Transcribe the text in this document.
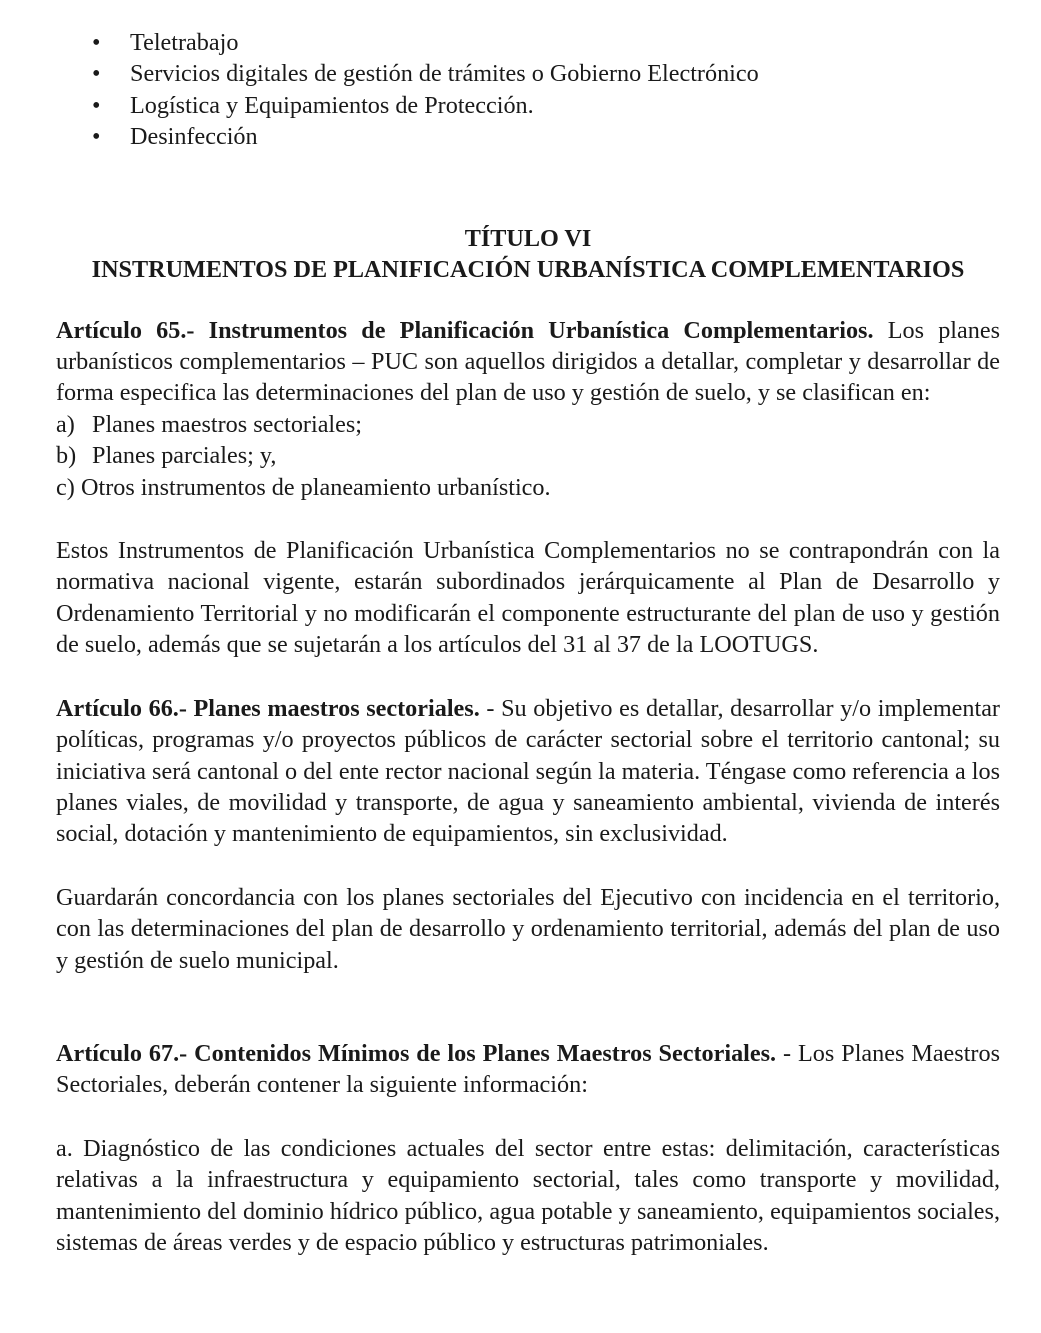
• Teletrabajo
• Servicios digitales de gestión de trámites o Gobierno Electrónico
• Logística y Equipamientos de Protección.
• Desinfección
TÍTULO VI
INSTRUMENTOS DE PLANIFICACIÓN URBANÍSTICA COMPLEMENTARIOS

Artículo 65.- Instrumentos de Planificación Urbanística Complementarios. Los planes urbanísticos complementarios – PUC son aquellos dirigidos a detallar, completar y desarrollar de forma especifica las determinaciones del plan de uso y gestión de suelo, y se clasifican en:

a) Planes maestros sectoriales;
b) Planes parciales; y,
c) Otros instrumentos de planeamiento urbanístico.

Estos Instrumentos de Planificación Urbanística Complementarios no se contrapondrán con la normativa nacional vigente, estarán subordinados jerárquicamente al Plan de Desarrollo y Ordenamiento Territorial y no modificarán el componente estructurante del plan de uso y gestión de suelo, además que se sujetarán a los artículos del 31 al 37 de la LOOTUGS.

Artículo 66.- Planes maestros sectoriales. - Su objetivo es detallar, desarrollar y/o implementar políticas, programas y/o proyectos públicos de carácter sectorial sobre el territorio cantonal; su iniciativa será cantonal o del ente rector nacional según la materia. Téngase como referencia a los planes viales, de movilidad y transporte, de agua y saneamiento ambiental, vivienda de interés social, dotación y mantenimiento de equipamientos, sin exclusividad.

Guardarán concordancia con los planes sectoriales del Ejecutivo con incidencia en el territorio, con las determinaciones del plan de desarrollo y ordenamiento territorial, además del plan de uso y gestión de suelo municipal.

Artículo 67.- Contenidos Mínimos de los Planes Maestros Sectoriales. - Los Planes Maestros Sectoriales, deberán contener la siguiente información:

a. Diagnóstico de las condiciones actuales del sector entre estas: delimitación, características relativas a la infraestructura y equipamiento sectorial, tales como transporte y movilidad, mantenimiento del dominio hídrico público, agua potable y saneamiento, equipamientos sociales, sistemas de áreas verdes y de espacio público y estructuras patrimoniales.
